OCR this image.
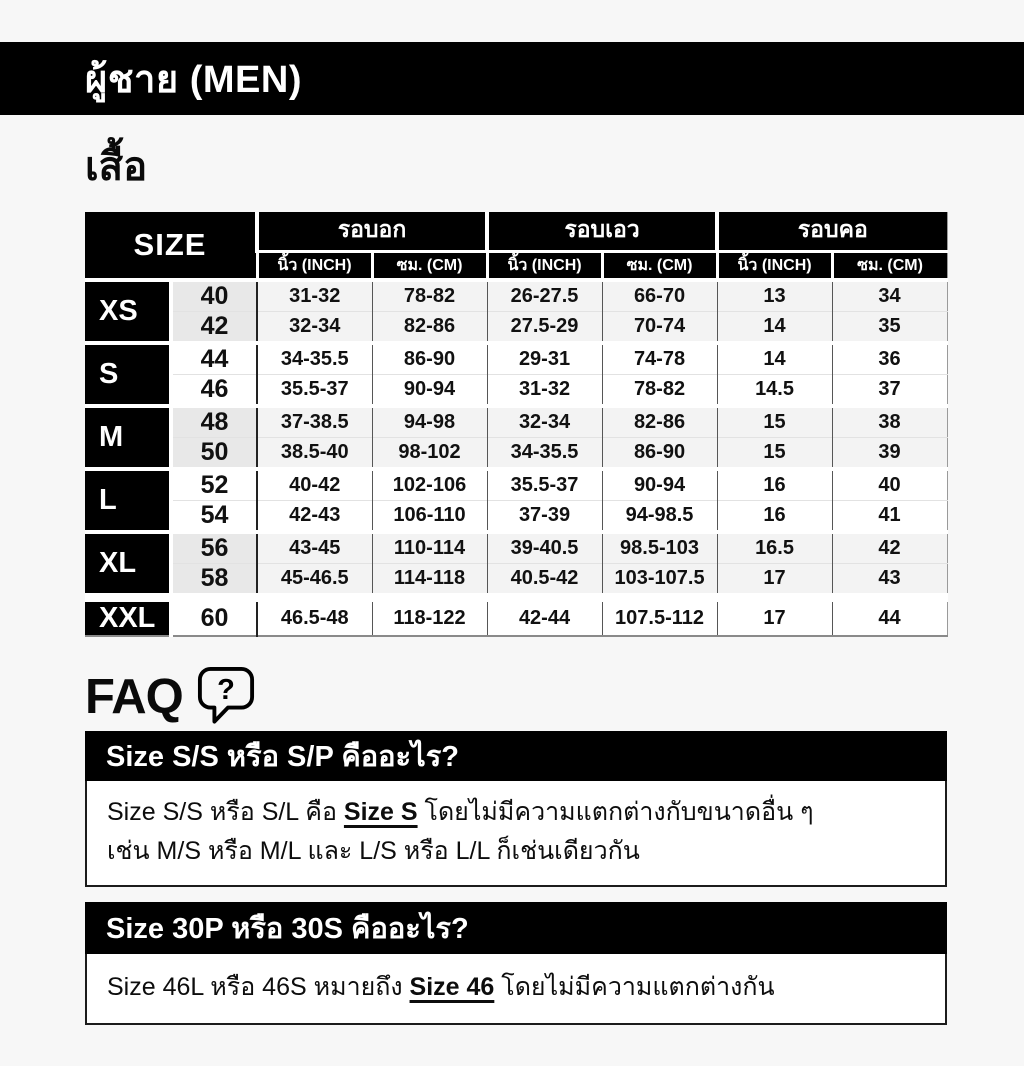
ผู้ชาย (MEN)
เสื้อ
SIZE		รอบอก		รอบเอว		รอบคอ	
		นิ้ว (INCH)	ซม. (CM)	นิ้ว (INCH)	ซม. (CM)	นิ้ว (INCH)	ซม. (CM)
XS	40	31-32	78-82	26-27.5	66-70	13	34
	42	32-34	82-86	27.5-29	70-74	14	35
S	44	34-35.5	86-90	29-31	74-78	14	36
	46	35.5-37	90-94	31-32	78-82	14.5	37
M	48	37-38.5	94-98	32-34	82-86	15	38
	50	38.5-40	98-102	34-35.5	86-90	15	39
L	52	40-42	102-106	35.5-37	90-94	16	40
	54	42-43	106-110	37-39	94-98.5	16	41
XL	56	43-45	110-114	39-40.5	98.5-103	16.5	42
	58	45-46.5	114-118	40.5-42	103-107.5	17	43
XXL	60	46.5-48	118-122	42-44	107.5-112	17	44
FAQ ?
Size S/S หรือ S/P คืออะไร?
Size S/S หรือ S/L คือ Size S โดยไม่มีความแตกต่างกับขนาดอื่น ๆ
เช่น M/S หรือ M/L และ L/S หรือ L/L ก็เช่นเดียวกัน
Size 30P หรือ 30S คืออะไร?
Size 46L หรือ 46S หมายถึง Size 46 โดยไม่มีความแตกต่างกัน
